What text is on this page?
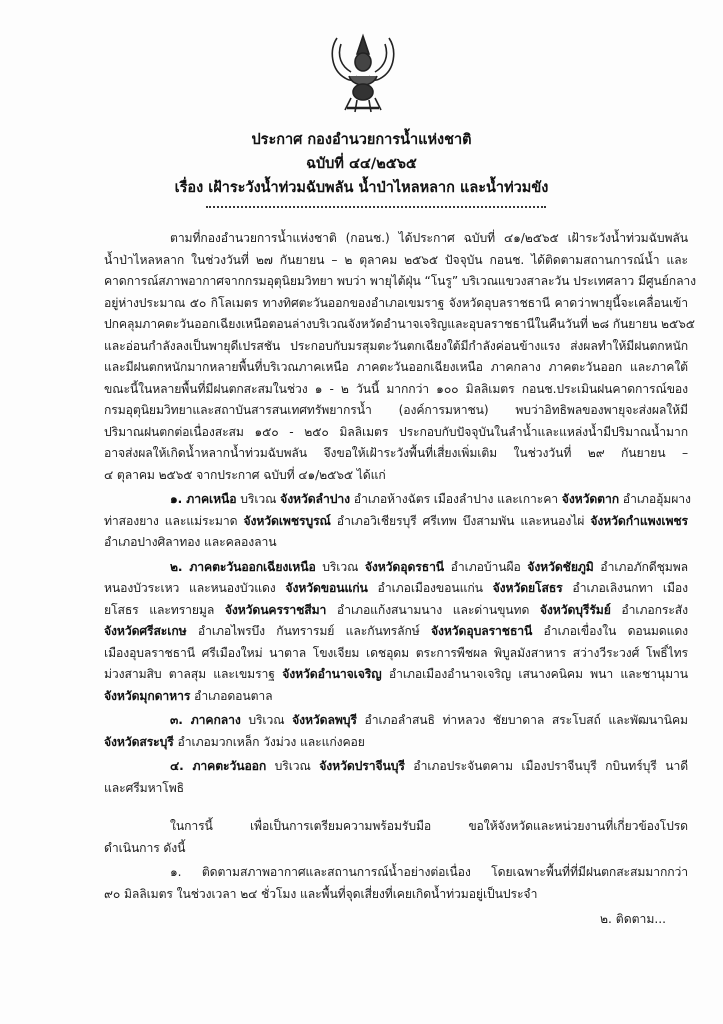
ประกาศ กองอำนวยการน้ำแห่งชาติ
ฉบับที่ ๔๔/๒๕๖๕
เรื่อง เฝ้าระวังน้ำท่วมฉับพลัน น้ำป่าไหลหลาก และน้ำท่วมขัง
ตามที่กองอำนวยการน้ำแห่งชาติ (กอนช.) ได้ประกาศ ฉบับที่ ๔๑/๒๕๖๕ เฝ้าระวังน้ำท่วมฉับพลัน
น้ำป่าไหลหลาก ในช่วงวันที่ ๒๗ กันยายน – ๒ ตุลาคม ๒๕๖๕ ปัจจุบัน กอนช. ได้ติดตามสถานการณ์น้ำ และ
คาดการณ์สภาพอากาศจากกรมอุตุนิยมวิทยา พบว่า พายุไต้ฝุ่น “โนรู” บริเวณแขวงสาละวัน ประเทศลาว มีศูนย์กลาง
อยู่ห่างประมาณ ๕๐ กิโลเมตร ทางทิศตะวันออกของอำเภอเขมราฐ จังหวัดอุบลราชธานี คาดว่าพายุนี้จะเคลื่อนเข้า
ปกคลุมภาคตะวันออกเฉียงเหนือตอนล่างบริเวณจังหวัดอำนาจเจริญและอุบลราชธานีในคืนวันที่ ๒๘ กันยายน ๒๕๖๕
และอ่อนกำลังลงเป็นพายุดีเปรสชัน ประกอบกับมรสุมตะวันตกเฉียงใต้มีกำลังค่อนข้างแรง ส่งผลทำให้มีฝนตกหนัก
และมีฝนตกหนักมากหลายพื้นที่บริเวณภาคเหนือ ภาคตะวันออกเฉียงเหนือ ภาคกลาง ภาคตะวันออก และภาคใต้
ขณะนี้ในหลายพื้นที่มีฝนตกสะสมในช่วง ๑ - ๒ วันนี้ มากกว่า ๑๐๐ มิลลิเมตร กอนช.ประเมินฝนคาดการณ์ของ
กรมอุตุนิยมวิทยาและสถาบันสารสนเทศทรัพยากรน้ำ (องค์การมหาชน) พบว่าอิทธิพลของพายุจะส่งผลให้มี
ปริมาณฝนตกต่อเนื่องสะสม ๑๕๐ - ๒๕๐ มิลลิเมตร ประกอบกับปัจจุบันในลำน้ำและแหล่งน้ำมีปริมาณน้ำมาก
อาจส่งผลให้เกิดน้ำหลากน้ำท่วมฉับพลัน จึงขอให้เฝ้าระวังพื้นที่เสี่ยงเพิ่มเติม ในช่วงวันที่ ๒๙ กันยายน –
๔ ตุลาคม ๒๕๖๕ จากประกาศ ฉบับที่ ๔๑/๒๕๖๕ ได้แก่
๑. ภาคเหนือ บริเวณ จังหวัดลำปาง อำเภอห้างฉัตร เมืองลำปาง และเกาะคา จังหวัดตาก อำเภออุ้มผาง
ท่าสองยาง และแม่ระมาด จังหวัดเพชรบูรณ์ อำเภอวิเชียรบุรี ศรีเทพ บึงสามพัน และหนองไผ่ จังหวัดกำแพงเพชร
อำเภอปางศิลาทอง และคลองลาน
๒. ภาคตะวันออกเฉียงเหนือ บริเวณ จังหวัดอุดรธานี อำเภอบ้านผือ จังหวัดชัยภูมิ อำเภอภักดีชุมพล
หนองบัวระเหว และหนองบัวแดง จังหวัดขอนแก่น อำเภอเมืองขอนแก่น จังหวัดยโสธร อำเภอเลิงนกทา เมือง
ยโสธร และทรายมูล จังหวัดนครราชสีมา อำเภอแก้งสนามนาง และด่านขุนทด จังหวัดบุรีรัมย์ อำเภอกระสัง
จังหวัดศรีสะเกษ อำเภอไพรบึง กันทรารมย์ และกันทรลักษ์ จังหวัดอุบลราชธานี อำเภอเขื่องใน ดอนมดแดง
เมืองอุบลราชธานี ศรีเมืองใหม่ นาตาล โขงเจียม เดชอุดม ตระการพืชผล พิบูลมังสาหาร สว่างวีระวงศ์ โพธิ์ไทร
ม่วงสามสิบ ตาลสุม และเขมราฐ จังหวัดอำนาจเจริญ อำเภอเมืองอำนาจเจริญ เสนางคนิคม พนา และชานุมาน
จังหวัดมุกดาหาร อำเภอดอนตาล
๓. ภาคกลาง บริเวณ จังหวัดลพบุรี อำเภอลำสนธิ ท่าหลวง ชัยบาดาล สระโบสถ์ และพัฒนานิคม
จังหวัดสระบุรี อำเภอมวกเหล็ก วังม่วง และแก่งคอย
๔. ภาคตะวันออก บริเวณ จังหวัดปราจีนบุรี อำเภอประจันตคาม เมืองปราจีนบุรี กบินทร์บุรี นาดี
และศรีมหาโพธิ
ในการนี้ เพื่อเป็นการเตรียมความพร้อมรับมือ ขอให้จังหวัดและหน่วยงานที่เกี่ยวข้องโปรด
ดำเนินการ ดังนี้
๑. ติดตามสภาพอากาศและสถานการณ์น้ำอย่างต่อเนื่อง โดยเฉพาะพื้นที่ที่มีฝนตกสะสมมากกว่า
๙๐ มิลลิเมตร ในช่วงเวลา ๒๔ ชั่วโมง และพื้นที่จุดเสี่ยงที่เคยเกิดน้ำท่วมอยู่เป็นประจำ
๒. ติดตาม...
